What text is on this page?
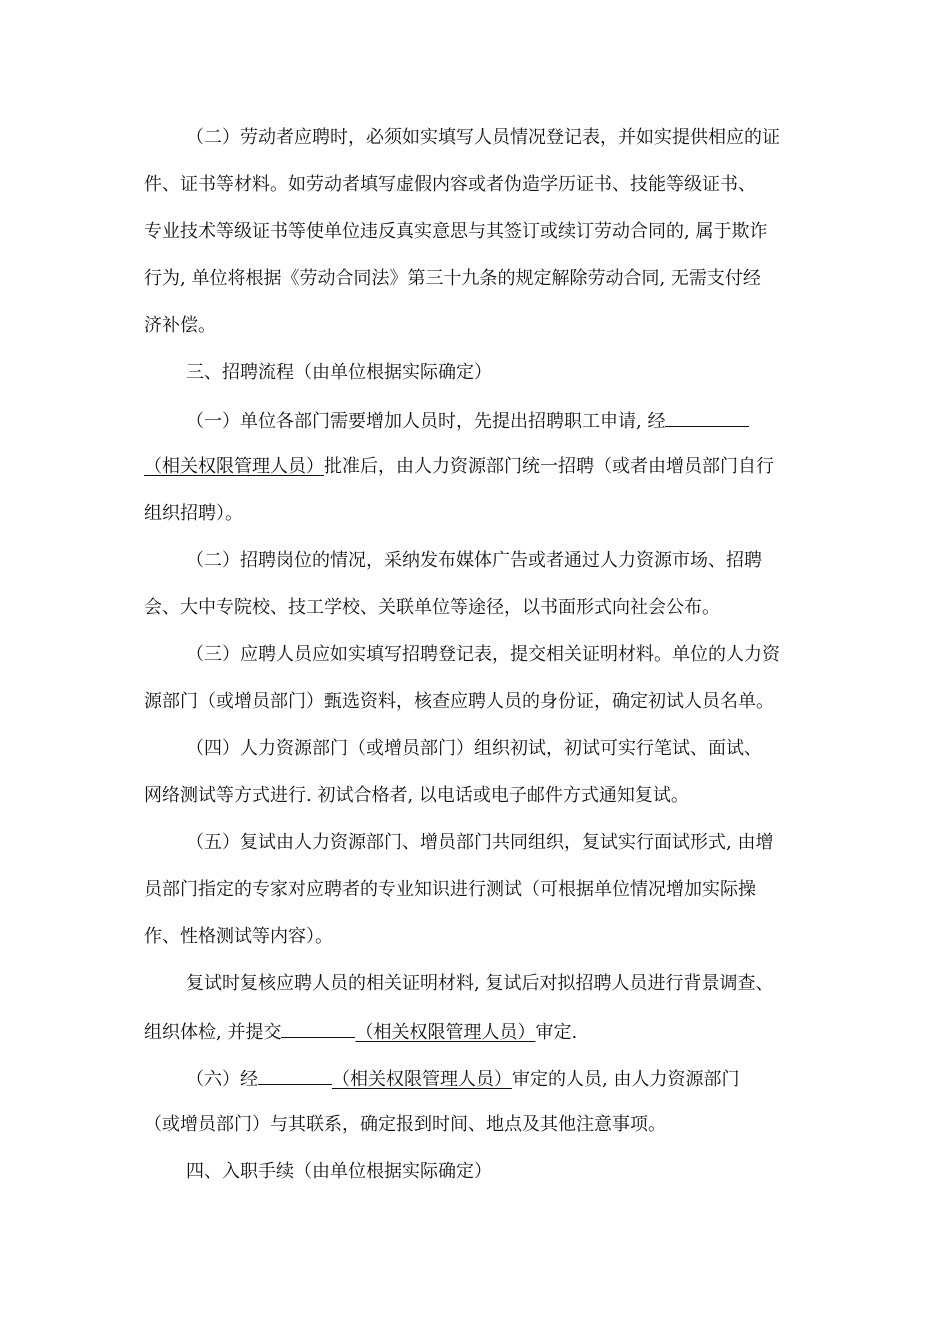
（二）劳动者应聘时，必须如实填写人员情况登记表，并如实提供相应的证
件、证书等材料。如劳动者填写虚假内容或者伪造学历证书、技能等级证书、
专业技术等级证书等使单位违反真实意思与其签订或续订劳动合同的, 属于欺诈
行为, 单位将根据《劳动合同法》第三十九条的规定解除劳动合同, 无需支付经
济补偿。
三、招聘流程（由单位根据实际确定）
（一）单位各部门需要增加人员时，先提出招聘职工申请, 经
（相关权限管理人员）批准后，由人力资源部门统一招聘（或者由增员部门自行
组织招聘）。
（二）招聘岗位的情况，采纳发布媒体广告或者通过人力资源市场、招聘
会、大中专院校、技工学校、关联单位等途径，以书面形式向社会公布。
（三）应聘人员应如实填写招聘登记表，提交相关证明材料。单位的人力资
源部门（或增员部门）甄选资料，核查应聘人员的身份证，确定初试人员名单。
（四）人力资源部门（或增员部门）组织初试，初试可实行笔试、面试、
网络测试等方式进行. 初试合格者, 以电话或电子邮件方式通知复试。
（五）复试由人力资源部门、增员部门共同组织，复试实行面试形式, 由增
员部门指定的专家对应聘者的专业知识进行测试（可根据单位情况增加实际操
作、性格测试等内容）。
复试时复核应聘人员的相关证明材料, 复试后对拟招聘人员进行背景调查、
组织体检, 并提交	（相关权限管理人员）审定.
（六）经	（相关权限管理人员）审定的人员, 由人力资源部门
（或增员部门）与其联系，确定报到时间、地点及其他注意事项。
四、入职手续（由单位根据实际确定）
